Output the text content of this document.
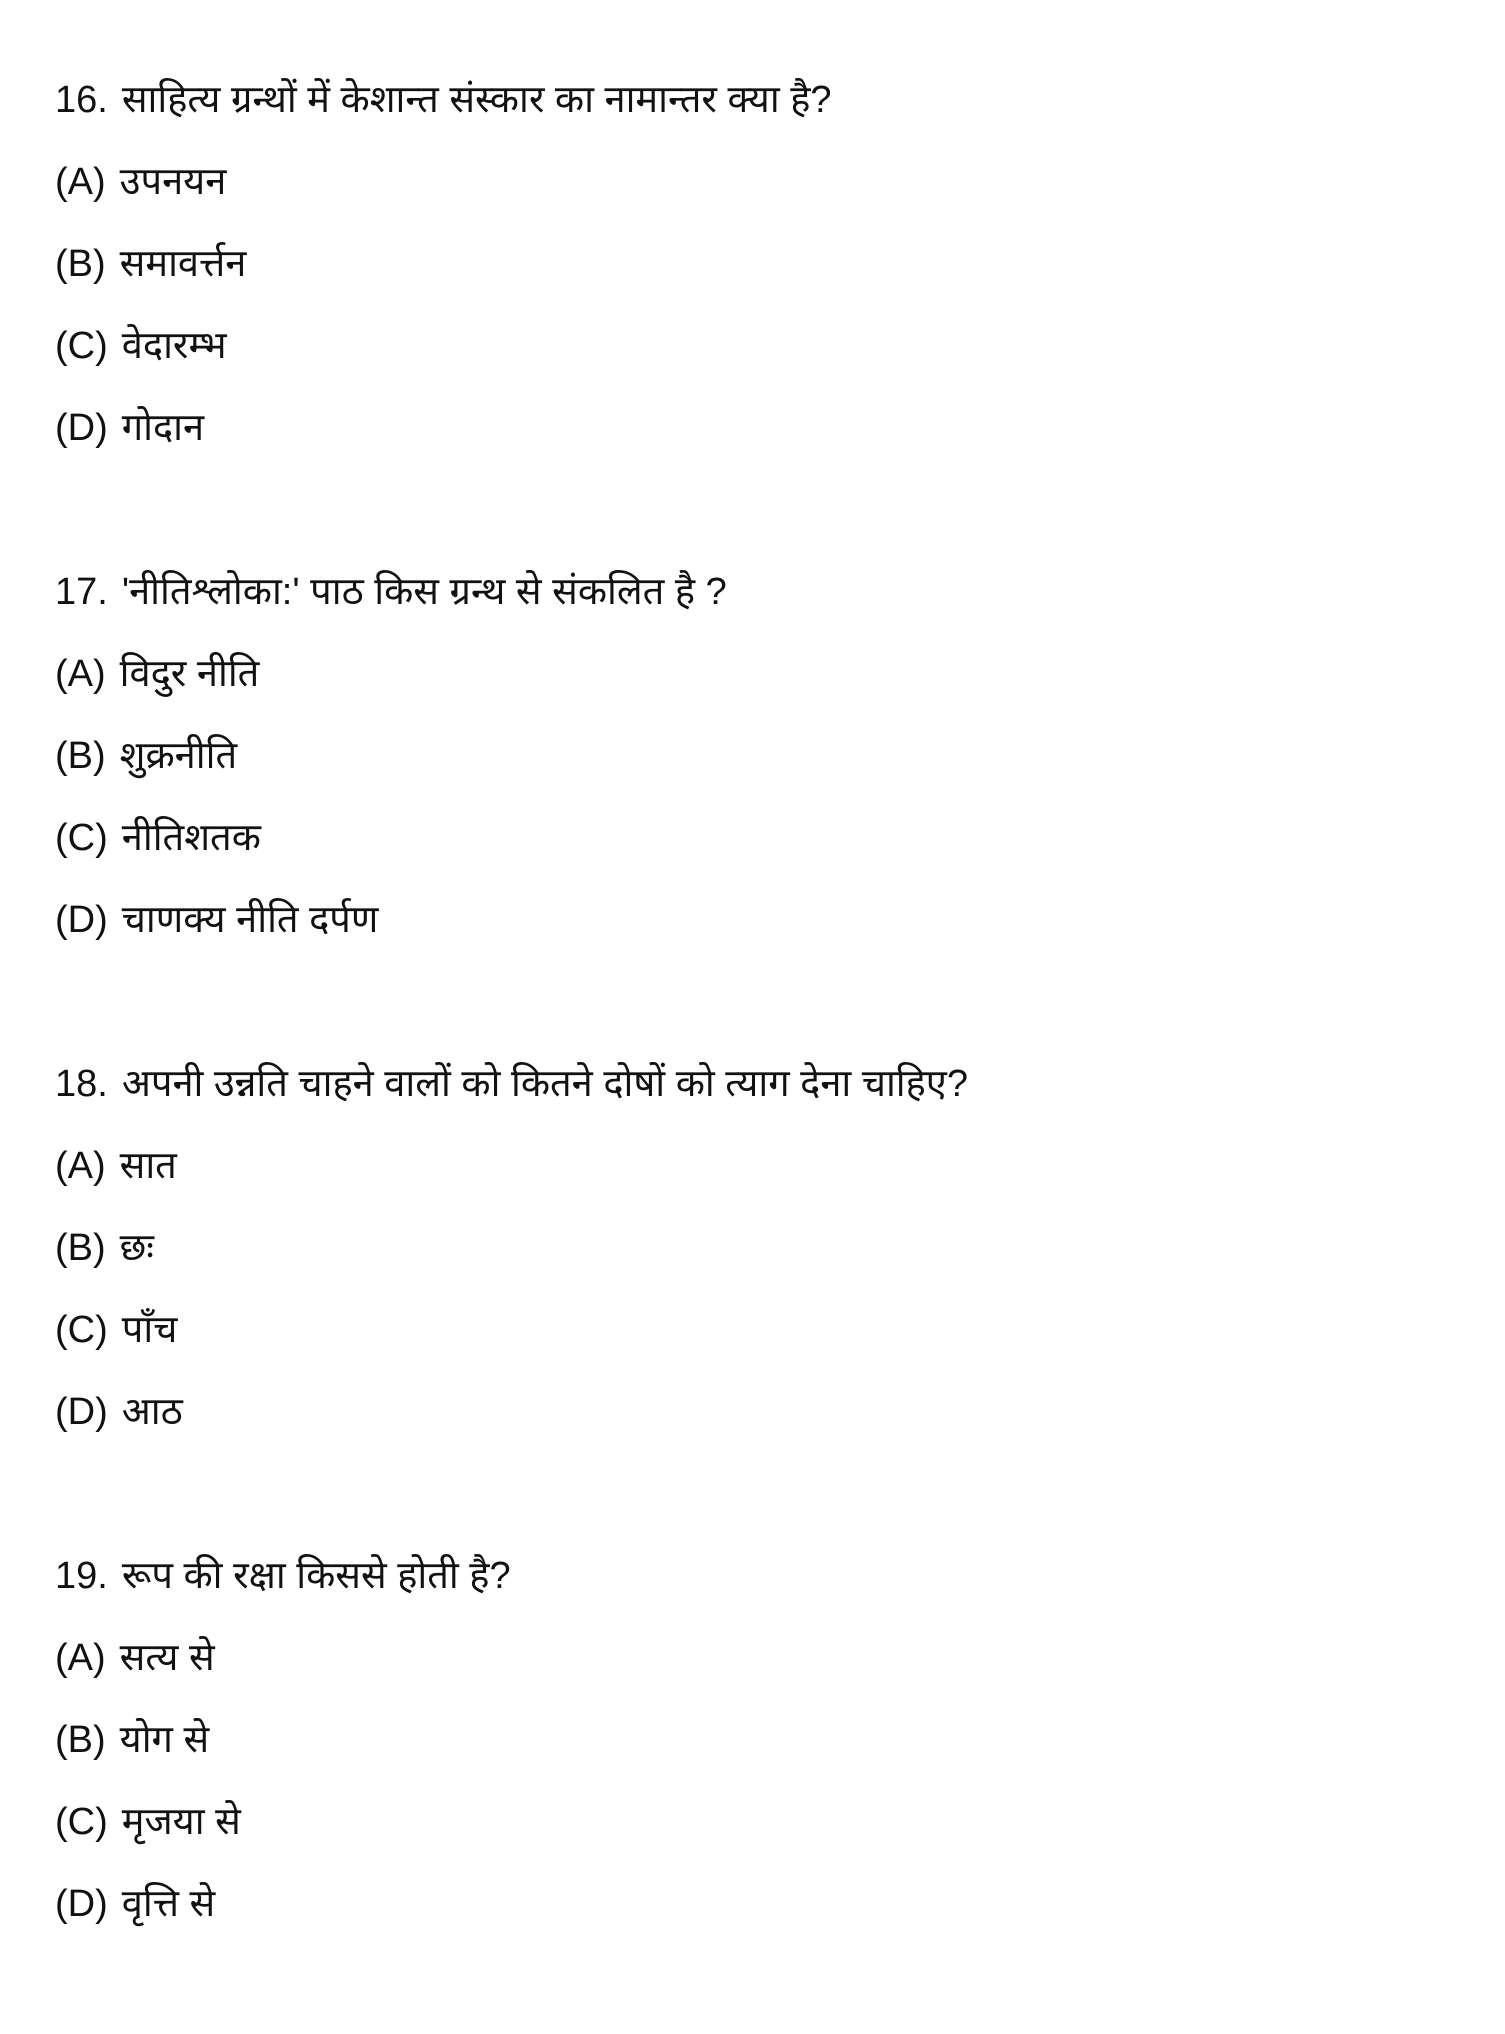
16. साहित्य ग्रन्थों में केशान्त संस्कार का नामान्तर क्या है?
(A) उपनयन
(B) समावर्त्तन
(C) वेदारम्भ
(D) गोदान
17. 'नीतिश्लोका:' पाठ किस ग्रन्थ से संकलित है ?
(A) विदुर नीति
(B) शुक्रनीति
(C) नीतिशतक
(D) चाणक्य नीति दर्पण
18. अपनी उन्नति चाहने वालों को कितने दोषों को त्याग देना चाहिए?
(A) सात
(B) छः
(C) पाँच
(D) आठ
19. रूप की रक्षा किससे होती है?
(A) सत्य से
(B) योग से
(C) मृजया से
(D) वृत्ति से
